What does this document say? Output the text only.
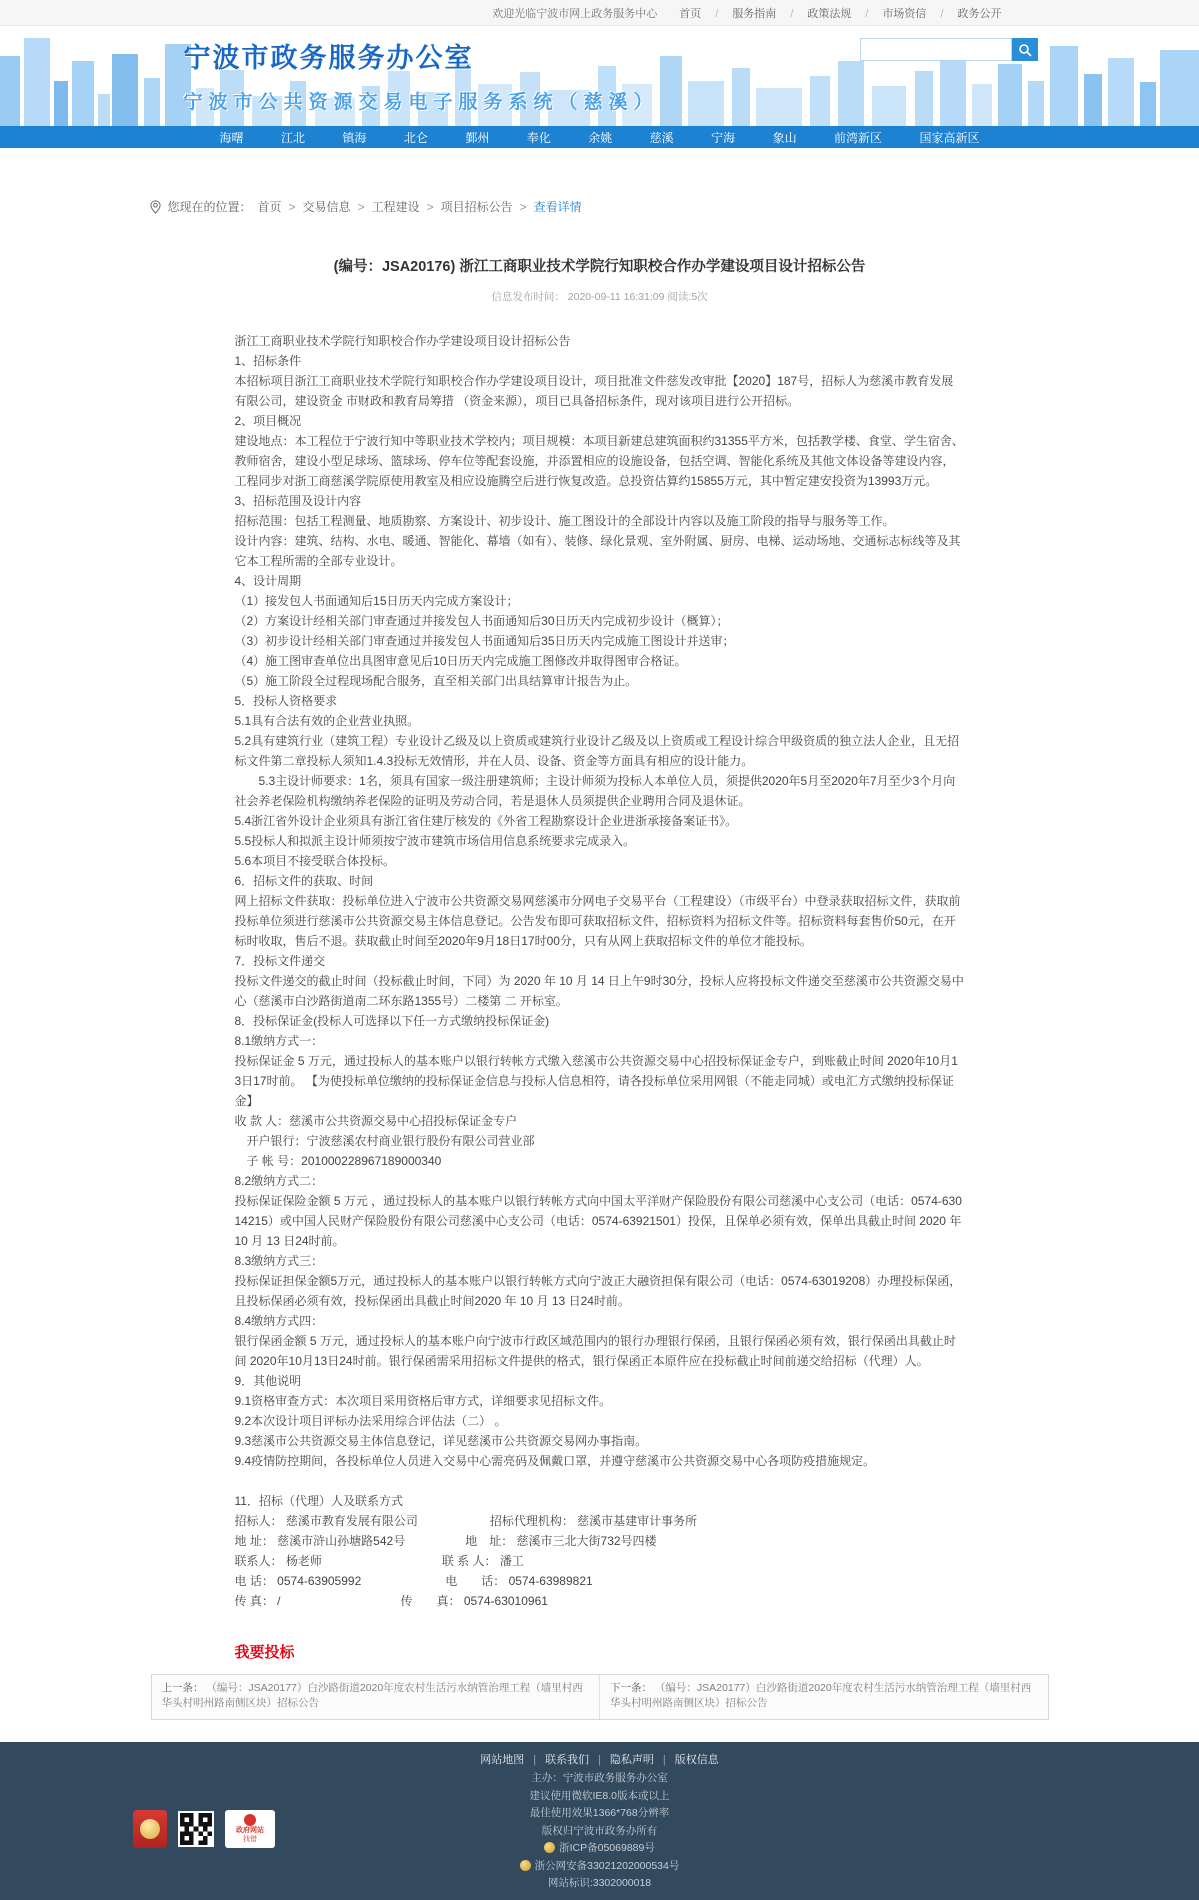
欢迎光临宁波市网上政务服务中心 首页	/ 服务指南	/ 政策法规	/ 市场资信	/ 政务公开
宁波市政务服务办公室
宁波市公共资源交易电子服务系统（慈溪）
海曙	江北	镇海	北仑	鄞州	奉化	余姚	慈溪	宁海	象山	前湾新区	国家高新区
您现在的位置： 首页 >	交易信息 >	工程建设 >	项目招标公告 >	查看详情
(编号：JSA20176) 浙江工商职业技术学院行知职校合作办学建设项目设计招标公告
信息发布时间： 2020-09-11 16:31:09 阅读:5次

浙江工商职业技术学院行知职校合作办学建设项目设计招标公告

1、招标条件

本招标项目浙江工商职业技术学院行知职校合作办学建设项目设计，项目批准文件慈发改审批【2020】187号，招标人为慈溪市教育发展有限公司，建设资金 市财政和教育局筹措 （资金来源），项目已具备招标条件，现对该项目进行公开招标。

2、项目概况

建设地点：本工程位于宁波行知中等职业技术学校内；项目规模：本项目新建总建筑面积约31355平方米，包括教学楼、食堂、学生宿舍、教师宿舍，建设小型足球场、篮球场、停车位等配套设施，并添置相应的设施设备，包括空调、智能化系统及其他文体设备等建设内容，工程同步对浙工商慈溪学院原使用教室及相应设施腾空后进行恢复改造。总投资估算约15855万元，其中暂定建安投资为13993万元。

3、招标范围及设计内容

招标范围：包括工程测量、地质勘察、方案设计、初步设计、施工图设计的全部设计内容以及施工阶段的指导与服务等工作。

设计内容：建筑、结构、水电、暖通、智能化、幕墙（如有）、装修、绿化景观、室外附属、厨房、电梯、运动场地、交通标志标线等及其它本工程所需的全部专业设计。

4、设计周期

（1）接发包人书面通知后15日历天内完成方案设计；

（2）方案设计经相关部门审查通过并接发包人书面通知后30日历天内完成初步设计（概算）；

（3）初步设计经相关部门审查通过并接发包人书面通知后35日历天内完成施工图设计并送审；

（4）施工图审查单位出具图审意见后10日历天内完成施工图修改并取得图审合格证。

（5）施工阶段全过程现场配合服务，直至相关部门出具结算审计报告为止。

5．投标人资格要求

5.1具有合法有效的企业营业执照。

5.2具有建筑行业（建筑工程）专业设计乙级及以上资质或建筑行业设计乙级及以上资质或工程设计综合甲级资质的独立法人企业，且无招标文件第二章投标人须知1.4.3投标无效情形，并在人员、设备、资金等方面具有相应的设计能力。

　　5.3主设计师要求：1名，须具有国家一级注册建筑师；主设计师须为投标人本单位人员，须提供2020年5月至2020年7月至少3个月向社会养老保险机构缴纳养老保险的证明及劳动合同，若是退休人员须提供企业聘用合同及退休证。

5.4浙江省外设计企业须具有浙江省住建厅核发的《外省工程勘察设计企业进浙承接备案证书》。

5.5投标人和拟派主设计师须按宁波市建筑市场信用信息系统要求完成录入。

5.6本项目不接受联合体投标。

6．招标文件的获取、时间

网上招标文件获取：投标单位进入宁波市公共资源交易网慈溪市分网电子交易平台（工程建设）（市级平台）中登录获取招标文件，获取前投标单位须进行慈溪市公共资源交易主体信息登记。公告发布即可获取招标文件，招标资料为招标文件等。招标资料每套售价50元，在开标时收取，售后不退。获取截止时间至2020年9月18日17时00分，只有从网上获取招标文件的单位才能投标。

7．投标文件递交

投标文件递交的截止时间（投标截止时间，下同）为 2020 年 10 月 14 日上午9时30分，投标人应将投标文件递交至慈溪市公共资源交易中心（慈溪市白沙路街道南二环东路1355号）二楼第 二 开标室。

8．投标保证金(投标人可选择以下任一方式缴纳投标保证金)

8.1缴纳方式一：

投标保证金 5 万元，通过投标人的基本账户以银行转帐方式缴入慈溪市公共资源交易中心招投标保证金专户，到账截止时间 2020年10月13日17时前。 【为使投标单位缴纳的投标保证金信息与投标人信息相符，请各投标单位采用网银（不能走同城）或电汇方式缴纳投标保证金】

收 款 人：慈溪市公共资源交易中心招投标保证金专户

　开户银行：宁波慈溪农村商业银行股份有限公司营业部

　子 帐 号：201000228967189000340

8.2缴纳方式二：

投标保证保险金额 5 万元 ，通过投标人的基本账户以银行转帐方式向中国太平洋财产保险股份有限公司慈溪中心支公司（电话：0574-63014215）或中国人民财产保险股份有限公司慈溪中心支公司（电话：0574-63921501）投保，且保单必须有效，保单出具截止时间 2020 年 10 月 13 日24时前。

8.3缴纳方式三：

投标保证担保金额5万元，通过投标人的基本账户以银行转帐方式向宁波正大融资担保有限公司（电话：0574-63019208）办理投标保函，且投标保函必须有效，投标保函出具截止时间2020 年 10 月 13 日24时前。

8.4缴纳方式四：

银行保函金额 5 万元，通过投标人的基本账户向宁波市行政区域范围内的银行办理银行保函，且银行保函必须有效，银行保函出具截止时间 2020年10月13日24时前。银行保函需采用招标文件提供的格式，银行保函正本原件应在投标截止时间前递交给招标（代理）人。

9．其他说明

9.1资格审查方式：本次项目采用资格后审方式，详细要求见招标文件。

9.2本次设计项目评标办法采用综合评估法（二） 。

9.3慈溪市公共资源交易主体信息登记，详见慈溪市公共资源交易网办事指南。

9.4疫情防控期间，各投标单位人员进入交易中心需亮码及佩戴口罩，并遵守慈溪市公共资源交易中心各项防疫措施规定。

11．招标（代理）人及联系方式

招标人： 慈溪市教育发展有限公司　　　　　　招标代理机构： 慈溪市基建审计事务所

地 址： 慈溪市浒山孙塘路542号　　　　　地　址： 慈溪市三北大街732号四楼

联系人： 杨老师　　　　　　　　　　联 系 人： 潘工

电 话： 0574-63905992　　　　　　　电　　话： 0574-63989821

传 真： /　　　　　　　　　　传　　真： 0574-63010961

我要投标
上一条： （编号：JSA20177）白沙路街道2020年度农村生活污水纳管治理工程（墙里村西华头村明州路南侧区块）招标公告
下一条： （编号：JSA20177）白沙路街道2020年度农村生活污水纳管治理工程（墙里村西华头村明州路南侧区块）招标公告
政府网站
找错
网站地图 | 联系我们 | 隐私声明 | 版权信息
主办：宁波市政务服务办公室
建议使用微软IE8.0版本或以上
最佳使用效果1366*768分辨率
版权归宁波市政务办所有
浙ICP备05069889号
浙公网安备33021202000534号
网站标识:3302000018
